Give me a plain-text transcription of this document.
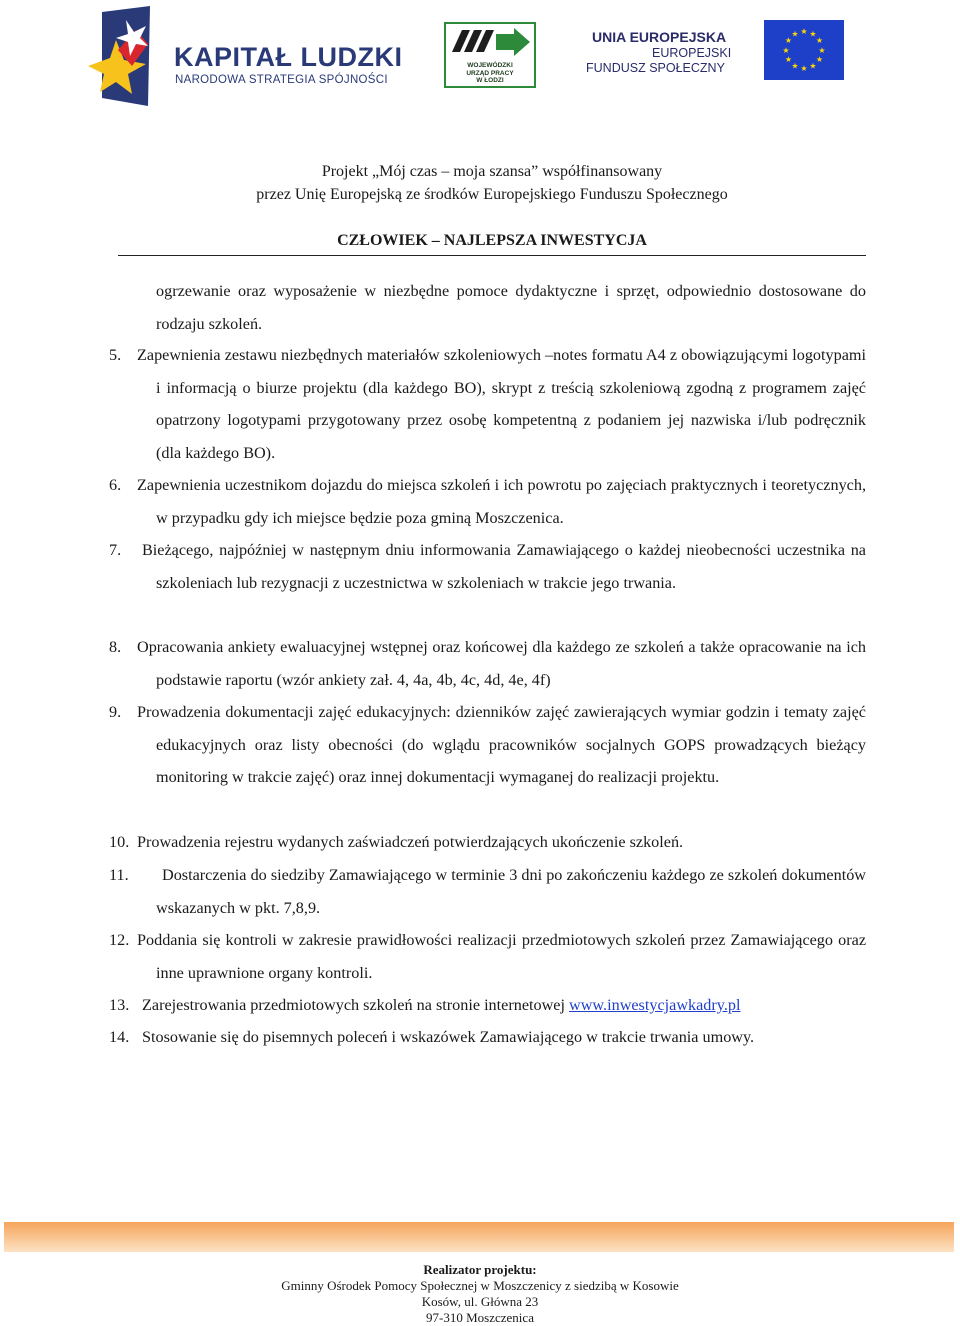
KAPITAŁ LUDZKI
NARODOWA STRATEGIA SPÓJNOŚCI
WOJEWÓDZKI
URZĄD PRACY
W ŁODZI
UNIA EUROPEJSKA
EUROPEJSKI
FUNDUSZ SPOŁECZNY
★ ★
★
★
★
★
★
★
★
★
★
★
Projekt „Mój czas – moja szansa” współfinansowany
przez Unię Europejską ze środków Europejskiego Funduszu Społecznego
CZŁOWIEK – NAJLEPSZA INWESTYCJA

ogrzewanie oraz wyposażenie w niezbędne pomoce dydaktyczne i sprzęt, odpowiednio dostosowane do rodzaju szkoleń.

5. Zapewnienia zestawu niezbędnych materiałów szkoleniowych –notes formatu A4 z obowiązującymi logotypami i informacją o biurze projektu (dla każdego BO), skrypt z treścią szkoleniową zgodną z programem zajęć opatrzony logotypami przygotowany przez osobę kompetentną z podaniem jej nazwiska i/lub podręcznik (dla każdego BO).

6. Zapewnienia uczestnikom dojazdu do miejsca szkoleń i ich powrotu po zajęciach praktycznych i teoretycznych, w przypadku gdy ich miejsce będzie poza gminą Moszczenica.

7. Bieżącego, najpóźniej w następnym dniu informowania Zamawiającego o każdej nieobecności uczestnika na szkoleniach lub rezygnacji z uczestnictwa w szkoleniach w trakcie jego trwania.

8. Opracowania ankiety ewaluacyjnej wstępnej oraz końcowej dla każdego ze szkoleń a także opracowanie na ich podstawie raportu (wzór ankiety zał. 4, 4a, 4b, 4c, 4d, 4e, 4f)

9. Prowadzenia dokumentacji zajęć edukacyjnych: dzienników zajęć zawierających wymiar godzin i tematy zajęć edukacyjnych oraz listy obecności (do wglądu pracowników socjalnych GOPS prowadzących bieżący monitoring w trakcie zajęć) oraz innej dokumentacji wymaganej do realizacji projektu.

10. Prowadzenia rejestru wydanych zaświadczeń potwierdzających ukończenie szkoleń.

11.	Dostarczenia do siedziby Zamawiającego w terminie 3 dni po zakończeniu każdego ze szkoleń dokumentów wskazanych w pkt. 7,8,9.

12. Poddania się kontroli w zakresie prawidłowości realizacji przedmiotowych szkoleń przez Zamawiającego oraz inne uprawnione organy kontroli.

13. Zarejestrowania przedmiotowych szkoleń na stronie internetowej www.inwestycjawkadry.pl

14. Stosowanie się do pisemnych poleceń i wskazówek Zamawiającego w trakcie trwania umowy.

Realizator projektu:
Gminny Ośrodek Pomocy Społecznej w Moszczenicy z siedzibą w Kosowie
Kosów, ul. Główna 23
97-310 Moszczenica
